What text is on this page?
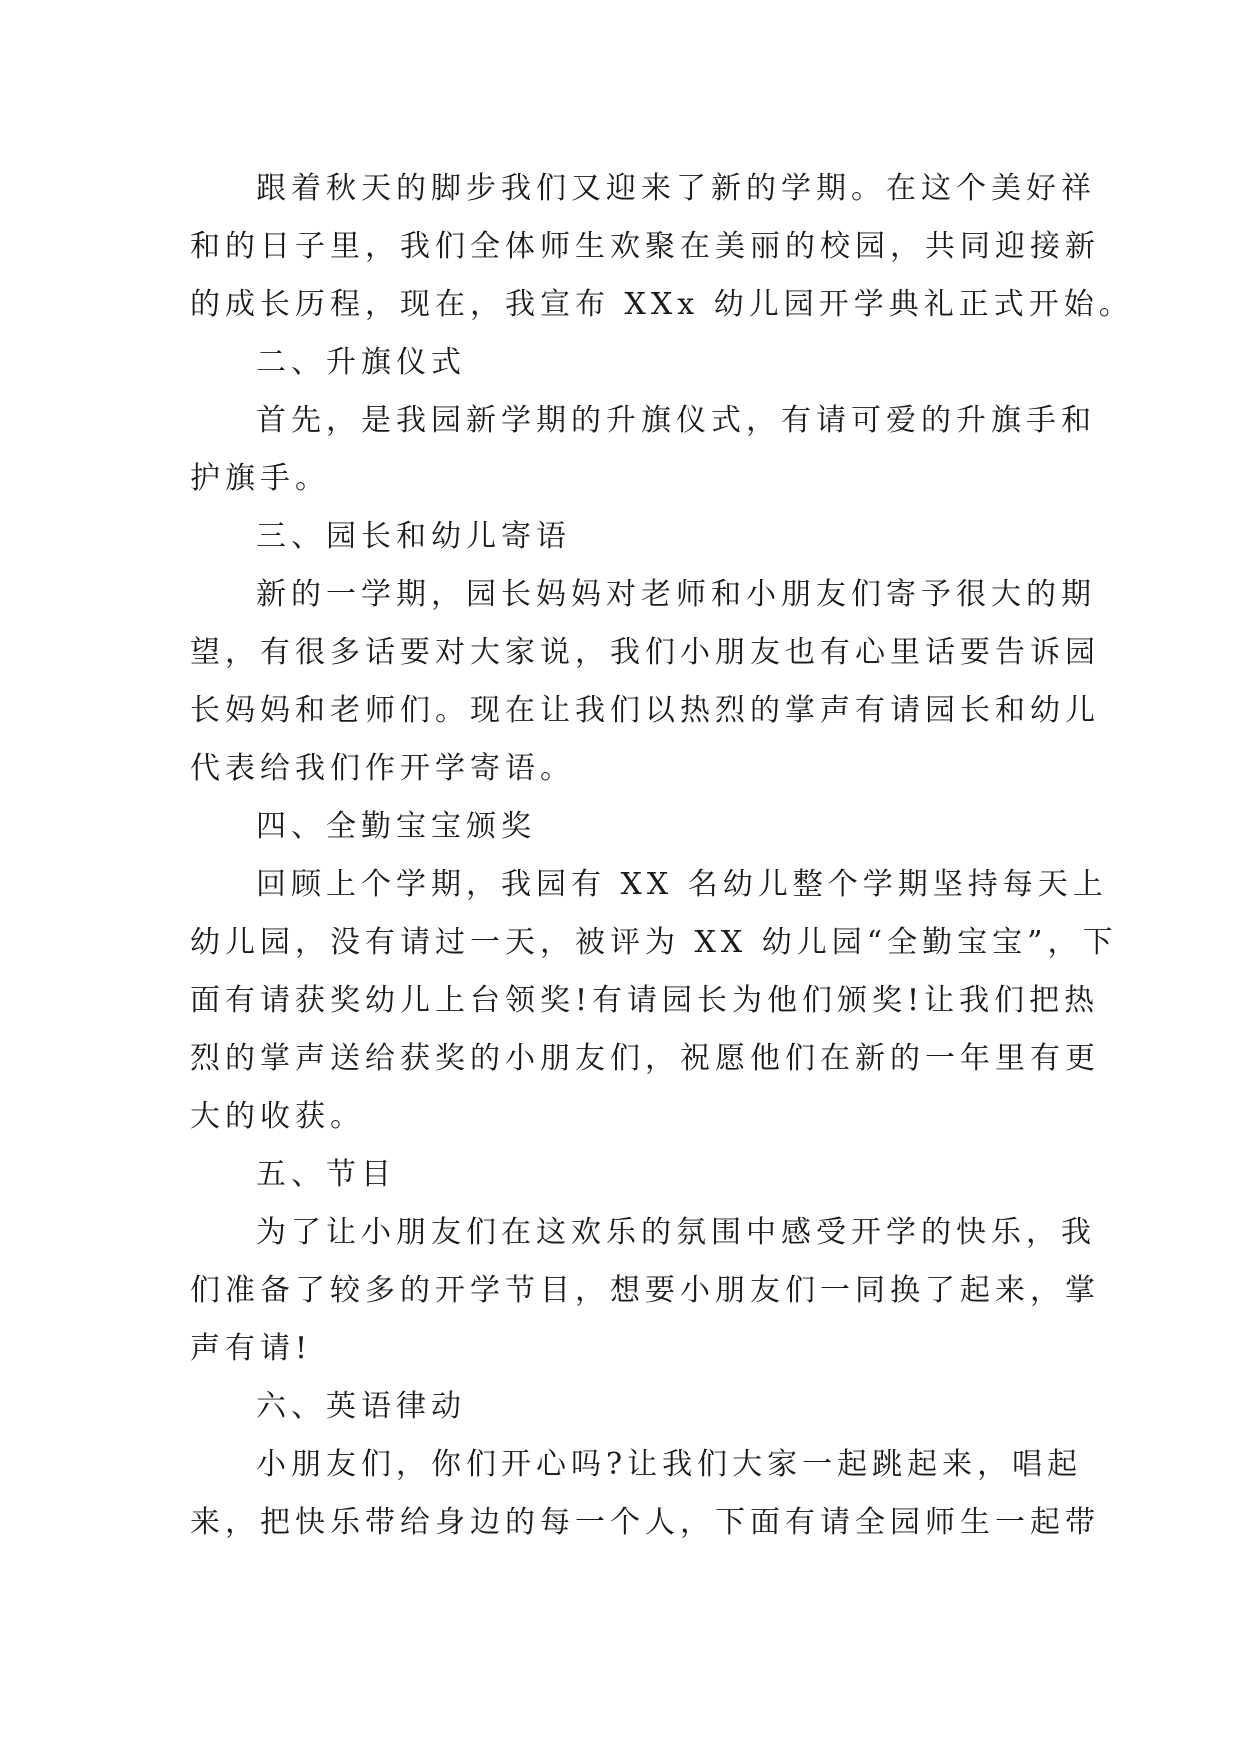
跟着秋天的脚步我们又迎来了新的学期。在这个美好祥
和的日子里，我们全体师生欢聚在美丽的校园，共同迎接新
的成长历程，现在，我宣布 XXx 幼儿园开学典礼正式开始。
二、升旗仪式
首先，是我园新学期的升旗仪式，有请可爱的升旗手和
护旗手。
三、园长和幼儿寄语
新的一学期，园长妈妈对老师和小朋友们寄予很大的期
望，有很多话要对大家说，我们小朋友也有心里话要告诉园
长妈妈和老师们。现在让我们以热烈的掌声有请园长和幼儿
代表给我们作开学寄语。
四、全勤宝宝颁奖
回顾上个学期，我园有 XX 名幼儿整个学期坚持每天上
幼儿园，没有请过一天，被评为 XX 幼儿园“全勤宝宝”，下
面有请获奖幼儿上台领奖!有请园长为他们颁奖!让我们把热
烈的掌声送给获奖的小朋友们，祝愿他们在新的一年里有更
大的收获。
五、节目
为了让小朋友们在这欢乐的氛围中感受开学的快乐，我
们准备了较多的开学节目，想要小朋友们一同换了起来，掌
声有请!
六、英语律动
小朋友们，你们开心吗?让我们大家一起跳起来，唱起
来，把快乐带给身边的每一个人，下面有请全园师生一起带
